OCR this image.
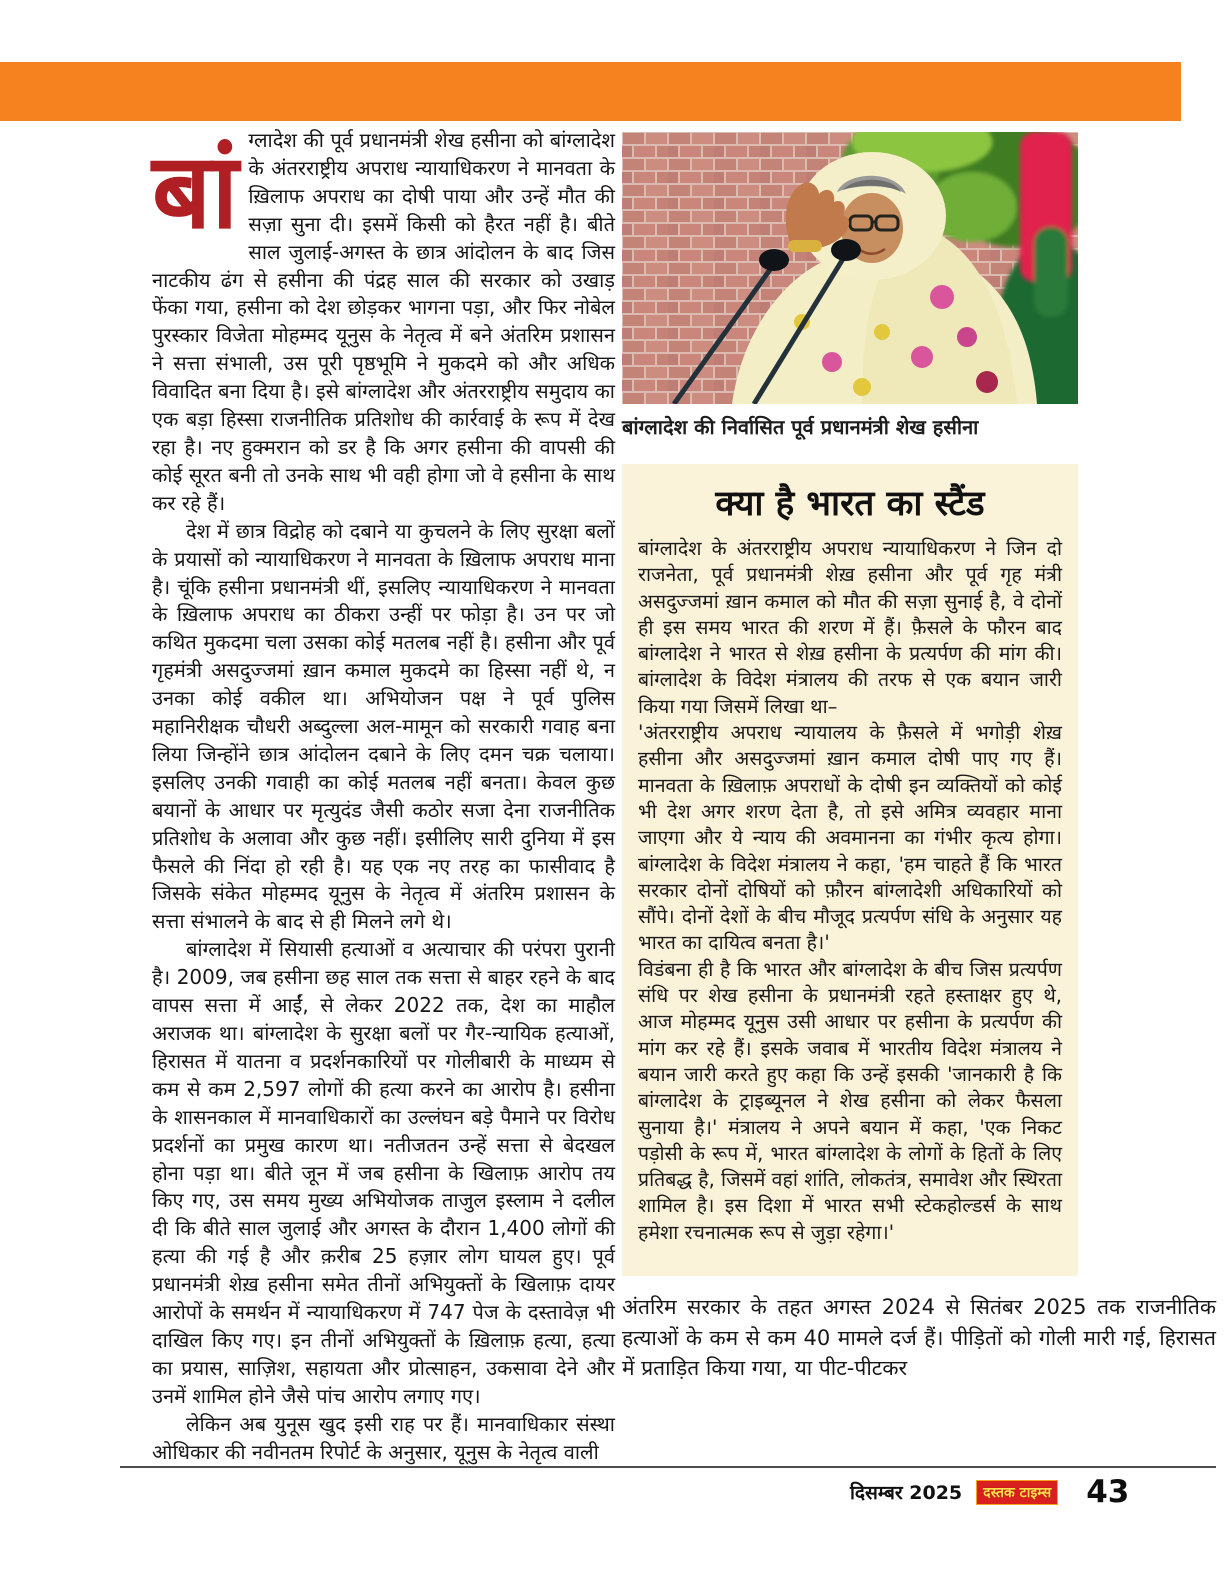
बांग्लादेश की पूर्व प्रधानमंत्री शेख हसीना को बांग्लादेश के अंतरराष्ट्रीय अपराध न्यायाधिकरण ने मानवता के ख़िलाफ अपराध का दोषी पाया और उन्हें मौत की सज़ा सुना दी। इसमें किसी को हैरत नहीं है। बीते साल जुलाई-अगस्त के छात्र आंदोलन के बाद जिस नाटकीय ढंग से हसीना की पंद्रह साल की सरकार को उखाड़ फेंका गया, हसीना को देश छोड़कर भागना पड़ा, और फिर नोबेल पुरस्कार विजेता मोहम्मद यूनुस के नेतृत्व में बने अंतरिम प्रशासन ने सत्ता संभाली, उस पूरी पृष्ठभूमि ने मुकदमे को और अधिक विवादित बना दिया है। इसे बांग्लादेश और अंतरराष्ट्रीय समुदाय का एक बड़ा हिस्सा राजनीतिक प्रतिशोध की कार्रवाई के रूप में देख रहा है। नए हुक्मरान को डर है कि अगर हसीना की वापसी की कोई सूरत बनी तो उनके साथ भी वही होगा जो वे हसीना के साथ कर रहे हैं।

देश में छात्र विद्रोह को दबाने या कुचलने के लिए सुरक्षा बलों के प्रयासों को न्यायाधिकरण ने मानवता के ख़िलाफ अपराध माना है। चूंकि हसीना प्रधानमंत्री थीं, इसलिए न्यायाधिकरण ने मानवता के ख़िलाफ अपराध का ठीकरा उन्हीं पर फोड़ा है। उन पर जो कथित मुकदमा चला उसका कोई मतलब नहीं है। हसीना और पूर्व गृहमंत्री असदुज्जमां ख़ान कमाल मुकदमे का हिस्सा नहीं थे, न उनका कोई वकील था। अभियोजन पक्ष ने पूर्व पुलिस महानिरीक्षक चौधरी अब्दुल्ला अल-मामून को सरकारी गवाह बना लिया जिन्होंने छात्र आंदोलन दबाने के लिए दमन चक्र चलाया। इसलिए उनकी गवाही का कोई मतलब नहीं बनता। केवल कुछ बयानों के आधार पर मृत्युदंड जैसी कठोर सजा देना राजनीतिक प्रतिशोध के अलावा और कुछ नहीं। इसीलिए सारी दुनिया में इस फैसले की निंदा हो रही है। यह एक नए तरह का फासीवाद है जिसके संकेत मोहम्मद यूनुस के नेतृत्व में अंतरिम प्रशासन के सत्ता संभालने के बाद से ही मिलने लगे थे।

बांग्लादेश में सियासी हत्याओं व अत्याचार की परंपरा पुरानी है। 2009, जब हसीना छह साल तक सत्ता से बाहर रहने के बाद वापस सत्ता में आईं, से लेकर 2022 तक, देश का माहौल अराजक था। बांग्लादेश के सुरक्षा बलों पर गैर-न्यायिक हत्याओं, हिरासत में यातना व प्रदर्शनकारियों पर गोलीबारी के माध्यम से कम से कम 2,597 लोगों की हत्या करने का आरोप है। हसीना के शासनकाल में मानवाधिकारों का उल्लंघन बड़े पैमाने पर विरोध प्रदर्शनों का प्रमुख कारण था। नतीजतन उन्हें सत्ता से बेदखल होना पड़ा था। बीते जून में जब हसीना के खिलाफ़ आरोप तय किए गए, उस समय मुख्य अभियोजक ताजुल इस्लाम ने दलील दी कि बीते साल जुलाई और अगस्त के दौरान 1,400 लोगों की हत्या की गई है और क़रीब 25 हज़ार लोग घायल हुए। पूर्व प्रधानमंत्री शेख़ हसीना समेत तीनों अभियुक्तों के खिलाफ़ दायर आरोपों के समर्थन में न्यायाधिकरण में 747 पेज के दस्तावेज़ भी दाखिल किए गए। इन तीनों अभियुक्तों के ख़िलाफ़ हत्या, हत्या का प्रयास, साज़िश, सहायता और प्रोत्साहन, उकसावा देने और उनमें शामिल होने जैसे पांच आरोप लगाए गए।

लेकिन अब युनूस खुद इसी राह पर हैं। मानवाधिकार संस्था ओधिकार की नवीनतम रिपोर्ट के अनुसार, यूनुस के नेतृत्व वाली

बांग्लादेश की निर्वासित पूर्व प्रधानमंत्री शेख हसीना
क्या है भारत का स्टैंड

बांग्लादेश के अंतरराष्ट्रीय अपराध न्यायाधिकरण ने जिन दो राजनेता, पूर्व प्रधानमंत्री शेख़ हसीना और पूर्व गृह मंत्री असदुज्जमां ख़ान कमाल को मौत की सज़ा सुनाई है, वे दोनों ही इस समय भारत की शरण में हैं। फ़ैसले के फौरन बाद बांग्लादेश ने भारत से शेख़ हसीना के प्रत्यर्पण की मांग की। बांग्लादेश के विदेश मंत्रालय की तरफ से एक बयान जारी किया गया जिसमें लिखा था–

'अंतरराष्ट्रीय अपराध न्यायालय के फ़ैसले में भगोड़ी शेख़ हसीना और असदुज्जमां ख़ान कमाल दोषी पाए गए हैं। मानवता के ख़िलाफ़ अपराधों के दोषी इन व्यक्तियों को कोई भी देश अगर शरण देता है, तो इसे अमित्र व्यवहार माना जाएगा और ये न्याय की अवमानना का गंभीर कृत्य होगा। बांग्लादेश के विदेश मंत्रालय ने कहा, 'हम चाहते हैं कि भारत सरकार दोनों दोषियों को फ़ौरन बांग्लादेशी अधिकारियों को सौंपे। दोनों देशों के बीच मौजूद प्रत्यर्पण संधि के अनुसार यह भारत का दायित्व बनता है।'

विडंबना ही है कि भारत और बांग्लादेश के बीच जिस प्रत्यर्पण संधि पर शेख हसीना के प्रधानमंत्री रहते हस्ताक्षर हुए थे, आज मोहम्मद यूनुस उसी आधार पर हसीना के प्रत्यर्पण की मांग कर रहे हैं। इसके जवाब में भारतीय विदेश मंत्रालय ने बयान जारी करते हुए कहा कि उन्हें इसकी 'जानकारी है कि बांग्लादेश के ट्राइब्यूनल ने शेख हसीना को लेकर फैसला सुनाया है।' मंत्रालय ने अपने बयान में कहा, 'एक निकट पड़ोसी के रूप में, भारत बांग्लादेश के लोगों के हितों के लिए प्रतिबद्ध है, जिसमें वहां शांति, लोकतंत्र, समावेश और स्थिरता शामिल है। इस दिशा में भारत सभी स्टेकहोल्डर्स के साथ हमेशा रचनात्मक रूप से जुड़ा रहेगा।'

अंतरिम सरकार के तहत अगस्त 2024 से सितंबर 2025 तक राजनीतिक हत्याओं के कम से कम 40 मामले दर्ज हैं। पीड़ितों को गोली मारी गई, हिरासत में प्रताड़ित किया गया, या पीट-पीटकर

दिसम्बर 2025	दस्तक टाइम्स 43
